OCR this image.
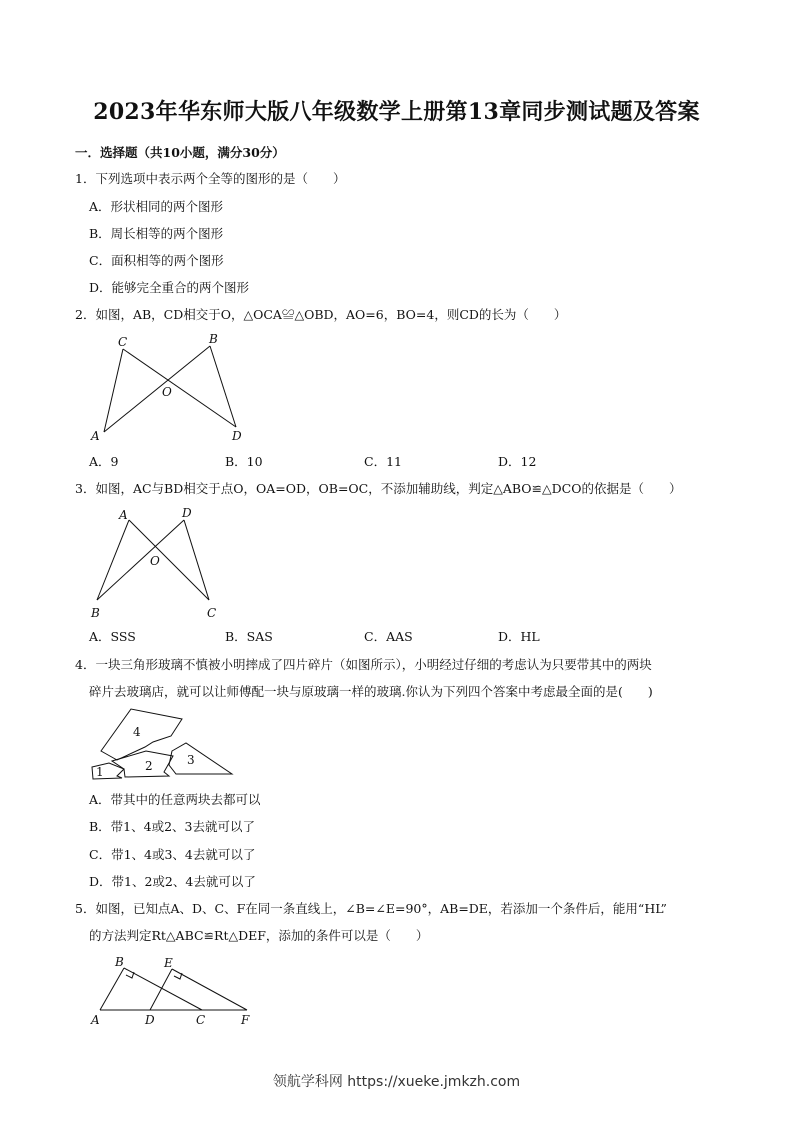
2023年华东师大版八年级数学上册第13章同步测试题及答案
一．选择题（共10小题，满分30分）
1．下列选项中表示两个全等的图形的是（　　）
A．形状相同的两个图形
B．周长相等的两个图形
C．面积相等的两个图形
D．能够完全重合的两个图形
2．如图，AB，CD相交于O，△OCA≌△OBD，AO=6，BO=4，则CD的长为（　　）
C	B
O
A	D
A．9	B．10	C．11	D．12
3．如图，AC与BD相交于点O，OA=OD，OB=OC，不添加辅助线，判定△ABO≌△DCO的依据是（　　）
A	D
O
B	C
A．SSS	B．SAS	C．AAS	D．HL
4．一块三角形玻璃不慎被小明摔成了四片碎片（如图所示），小明经过仔细的考虑认为只要带其中的两块
碎片去玻璃店，就可以让师傅配一块与原玻璃一样的玻璃.你认为下列四个答案中考虑最全面的是(　　)
1	2	3
4
A．带其中的任意两块去都可以
B．带1、4或2、3去就可以了
C．带1、4或3、4去就可以了
D．带1、2或2、4去就可以了
5．如图，已知点A、D、C、F在同一条直线上，∠B=∠E=90°，AB=DE，若添加一个条件后，能用“HL”
的方法判定Rt△ABC≌Rt△DEF，添加的条件可以是（　　）
B	E
A	D	C	F
领航学科网 https://xueke.jmkzh.com
